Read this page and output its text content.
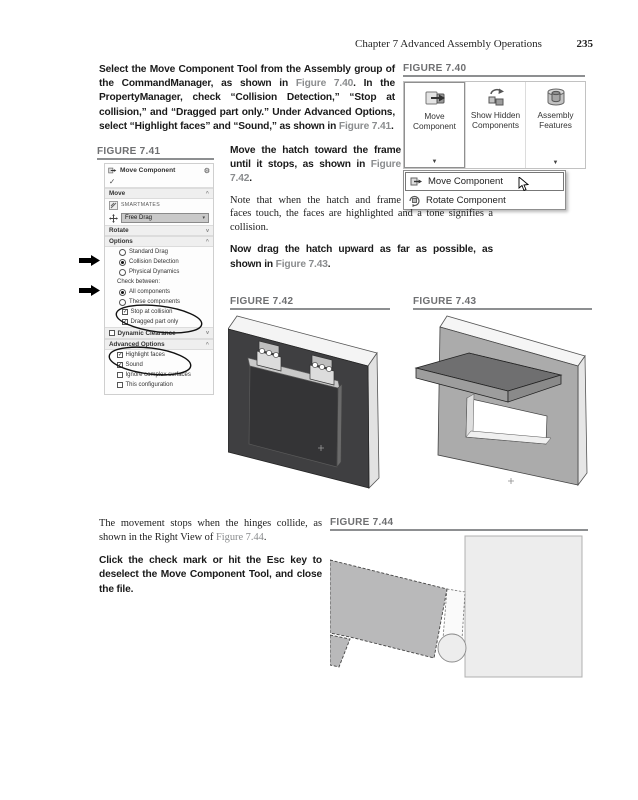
Chapter 7 Advanced Assembly Operations	235
Select the Move Component Tool from the Assembly group of the CommandManager, as shown in Figure 7.40. In the PropertyManager, check “Collision Detection,” “Stop at collision,” and “Dragged part only.” Under Advanced Options, select “Highlight faces” and “Sound,” as shown in Figure 7.41.
FIGURE 7.40
Move Component
▼
Show Hidden Components
Assembly Features
▼
Move Component
Rotate Component
FIGURE 7.41
Move Component	⚙
✓
Move	^
SMARTMATES
Free Drag	▾
Rotate	v
Options	^
Standard Drag
Collision Detection
Physical Dynamics
Check between:
All components
These components
✓ Stop at collision
✓ Dragged part only
Dynamic Clearance	v
Advanced Options	^
✓ Highlight faces
✓ Sound
Ignore complex surfaces
This configuration

Move the hatch toward the frame until it stops, as shown in Figure 7.42.

Note that when the hatch and frame faces touch, the faces are highlighted and a tone signifies a collision.

Now drag the hatch upward as far as possible, as shown in Figure 7.43.

FIGURE 7.42	FIGURE 7.43

The movement stops when the hinges collide, as shown in the Right View of Figure 7.44.

Click the check mark or hit the Esc key to deselect the Move Component Tool, and close the file.

FIGURE 7.44
